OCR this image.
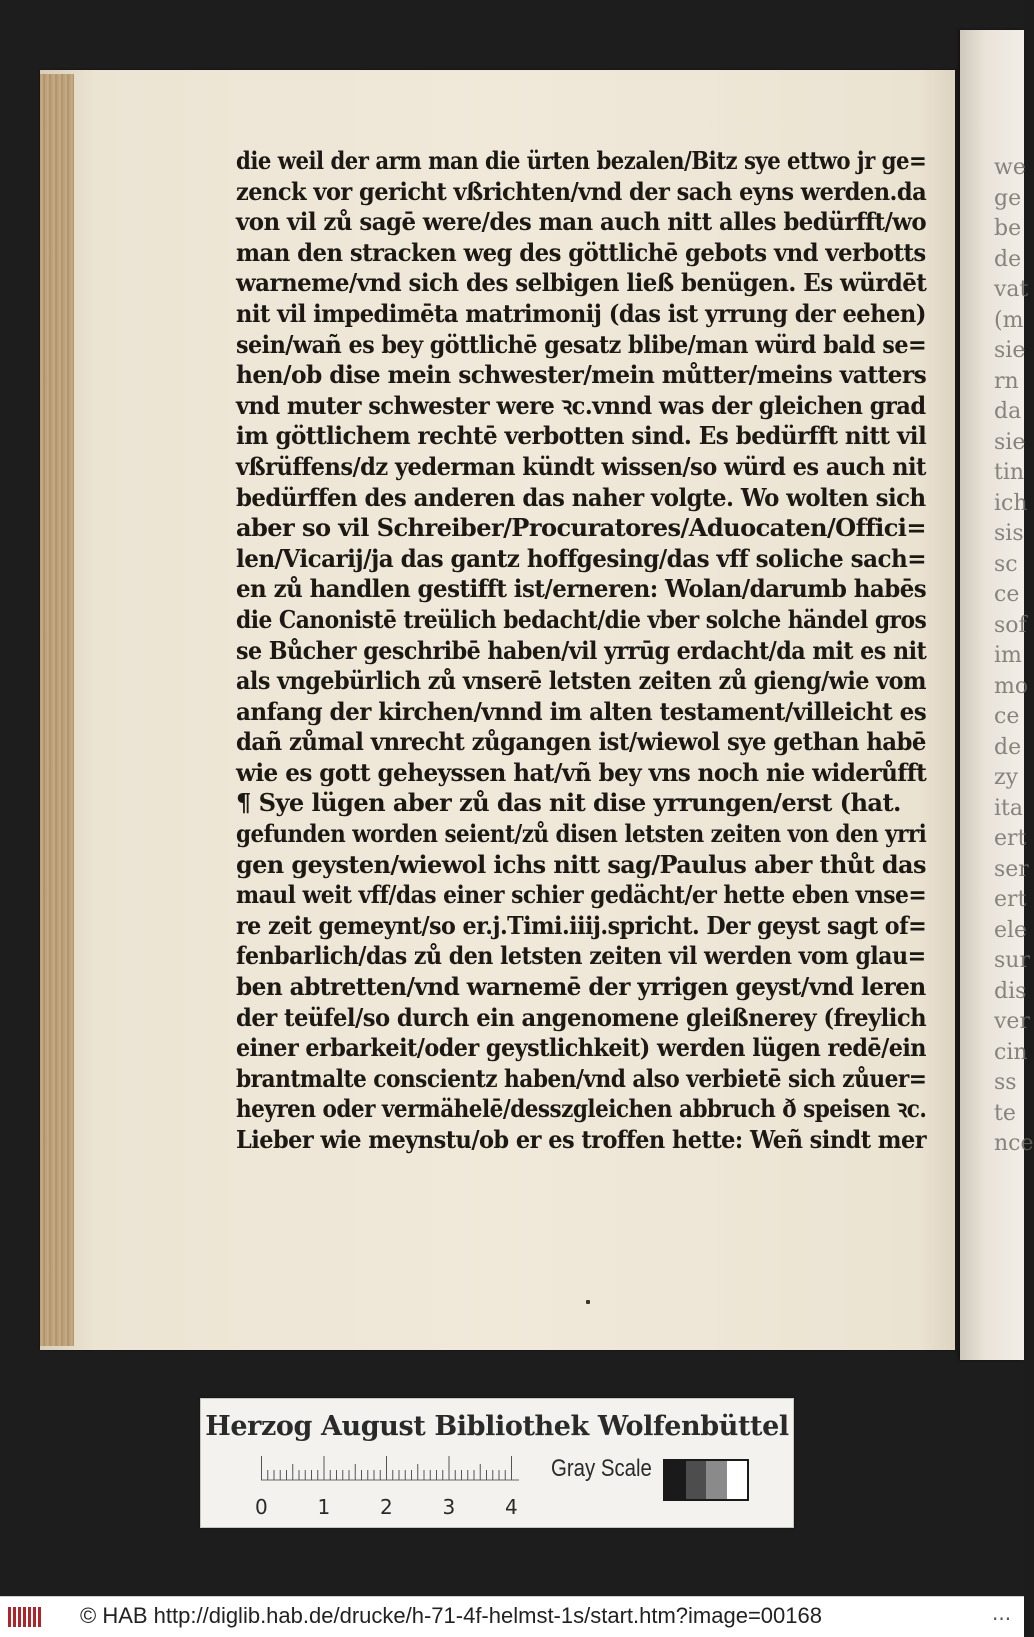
we
ge
be
de
vat
(m
sie
rn
da
sie
tin
ich
sis
sc
ce
sof
im
mo
ce
de
zy
ita
ert
ser
ert
ele
sur
dis
ver
cin
ss
te
nce
die weil der arm man die ürten bezalen/Bitz sye ettwo jr ge=
zenck vor gericht vßrichten/vnd der sach eyns werden.da
von vil zů sagē were/des man auch nitt alles bedürfft/wo
man den stracken weg des göttlichē gebots vnd verbotts
warneme/vnd sich des selbigen ließ benügen. Es würdēt
nit vil impedimēta matrimonij (das ist yrrung der eehen)
sein/wañ es bey göttlichē gesatz blibe/man würd bald se=
hen/ob dise mein schwester/mein můtter/meins vatters
vnd muter schwester were ꝛc.vnnd was der gleichen grad
im göttlichem rechtē verbotten sind. Es bedürfft nitt vil
vßrüffens/dz yederman kündt wissen/so würd es auch nit
bedürffen des anderen das naher volgte. Wo wolten sich
aber so vil Schreiber/Procuratores/Aduocaten/Offici=
len/Vicarij/ja das gantz hoffgesing/das vff soliche sach=
en zů handlen gestifft ist/erneren: Wolan/darumb habēs
die Canonistē treülich bedacht/die vber solche händel gros
se Bůcher geschribē haben/vil yrrūg erdacht/da mit es nit
als vngebürlich zů vnserē letsten zeiten zů gieng/wie vom
anfang der kirchen/vnnd im alten testament/villeicht es
dañ zůmal vnrecht zůgangen ist/wiewol sye gethan habē
wie es gott geheyssen hat/vñ bey vns noch nie widerůfft
¶ Sye lügen aber zů das nit dise yrrungen/erst (hat.
gefunden worden seient/zů disen letsten zeiten von den yrri
gen geysten/wiewol ichs nitt sag/Paulus aber thůt das
maul weit vff/das einer schier gedächt/er hette eben vnse=
re zeit gemeynt/so er.j.Timi.iiij.spricht. Der geyst sagt of=
fenbarlich/das zů den letsten zeiten vil werden vom glau=
ben abtretten/vnd warnemē der yrrigen geyst/vnd leren
der teüfel/so durch ein angenomene gleißnerey (freylich
einer erbarkeit/oder geystlichkeit) werden lügen redē/ein
brantmalte conscientz haben/vnd also verbietē sich zůuer=
heyren oder vermähelē/desszgleichen abbruch ð speisen ꝛc.
Lieber wie meynstu/ob er es troffen hette: Weñ sindt mer
Herzog August Bibliothek Wolfenbüttel
0 1 2 3 4
Gray Scale
© HAB http://diglib.hab.de/drucke/h-71-4f-helmst-1s/start.htm?image=00168	...
